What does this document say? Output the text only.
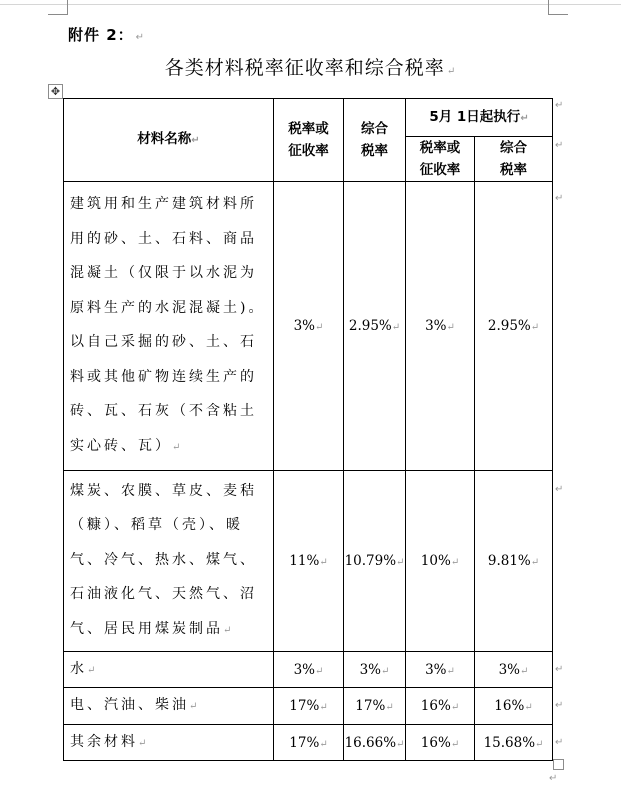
附件 2： ↵
各类材料税率征收率和综合税率 ↵
✥
材料名称↵	税率或征收率	综合税率	5月 1日起执行↵	

			税率或征收率	综合税率

建筑用和生产建筑材料所用的砂、土、石料、商品混凝土（仅限于以水泥为原料生产的水泥混凝土)。以自己采掘的砂、土、石料或其他矿物连续生产的砖、瓦、石灰（不含粘土实心砖、瓦）↵	3%↵	2.95%↵	3%↵	2.95%↵
煤炭、农膜、草皮、麦秸（糠）、稻草（壳）、暖气、冷气、热水、煤气、石油液化气、天然气、沼气、居民用煤炭制品↵	11%↵	10.79%↵	10%↵	9.81%↵
水↵	3%↵	3%↵	3%↵	3%↵
电、汽油、柴油↵	17%↵	17%↵	16%↵	16%↵
其余材料↵	17%↵	16.66%↵	16%↵	15.68%↵
↵
↵
↵
↵
↵
↵
↵
↵
